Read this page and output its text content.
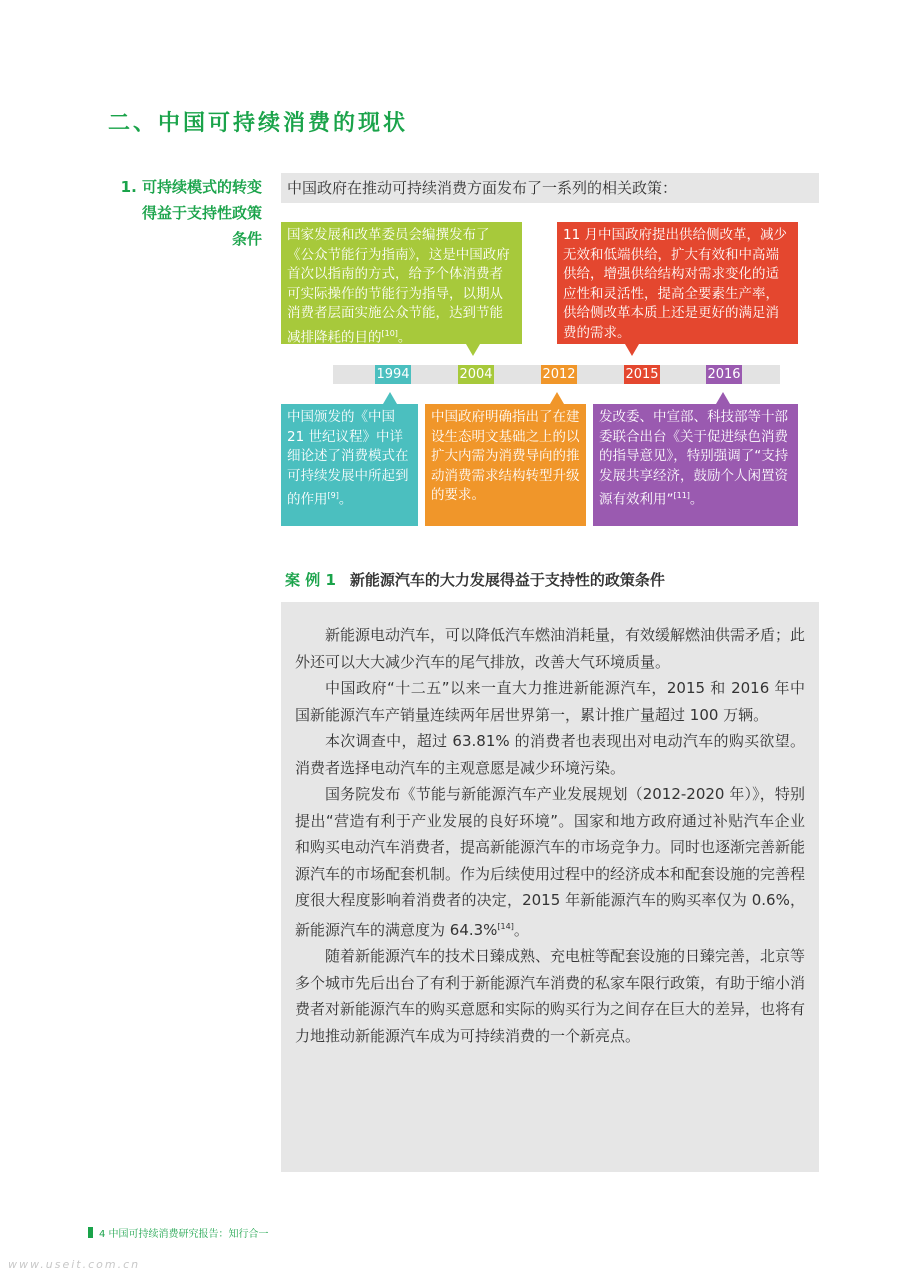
二、中国可持续消费的现状
1. 可持续模式的转变
得益于支持性政策
条件
中国政府在推动可持续消费方面发布了一系列的相关政策：
国家发展和改革委员会编撰发布了《公众节能行为指南》，这是中国政府首次以指南的方式，给予个体消费者可实际操作的节能行为指导，以期从消费者层面实施公众节能，达到节能减排降耗的目的[10]。
11 月中国政府提出供给侧改革，减少无效和低端供给，扩大有效和中高端供给，增强供给结构对需求变化的适应性和灵活性，提高全要素生产率，供给侧改革本质上还是更好的满足消费的需求。
1994	2004	2012	2015	2016
中国颁发的《中国 21 世纪议程》中详细论述了消费模式在可持续发展中所起到的作用[9]。
中国政府明确指出了在建设生态明文基础之上的以扩大内需为消费导向的推动消费需求结构转型升级的要求。
发改委、中宣部、科技部等十部委联合出台《关于促进绿色消费的指导意见》，特别强调了“支持发展共享经济，鼓励个人闲置资源有效利用”[11]。
案 例 1 新能源汽车的大力发展得益于支持性的政策条件

新能源电动汽车，可以降低汽车燃油消耗量，有效缓解燃油供需矛盾；此外还可以大大减少汽车的尾气排放，改善大气环境质量。

中国政府“十二五”以来一直大力推进新能源汽车，2015 和 2016 年中国新能源汽车产销量连续两年居世界第一，累计推广量超过 100 万辆。

本次调查中，超过 63.81% 的消费者也表现出对电动汽车的购买欲望。消费者选择电动汽车的主观意愿是减少环境污染。

国务院发布《节能与新能源汽车产业发展规划（2012-2020 年）》，特别提出“营造有利于产业发展的良好环境”。国家和地方政府通过补贴汽车企业和购买电动汽车消费者，提高新能源汽车的市场竞争力。同时也逐渐完善新能源汽车的市场配套机制。作为后续使用过程中的经济成本和配套设施的完善程度很大程度影响着消费者的决定，2015 年新能源汽车的购买率仅为 0.6%，新能源汽车的满意度为 64.3%[14]。

随着新能源汽车的技术日臻成熟、充电桩等配套设施的日臻完善，北京等多个城市先后出台了有利于新能源汽车消费的私家车限行政策，有助于缩小消费者对新能源汽车的购买意愿和实际的购买行为之间存在巨大的差异，也将有力地推动新能源汽车成为可持续消费的一个新亮点。

4 中国可持续消费研究报告：知行合一
www.useit.com.cn
